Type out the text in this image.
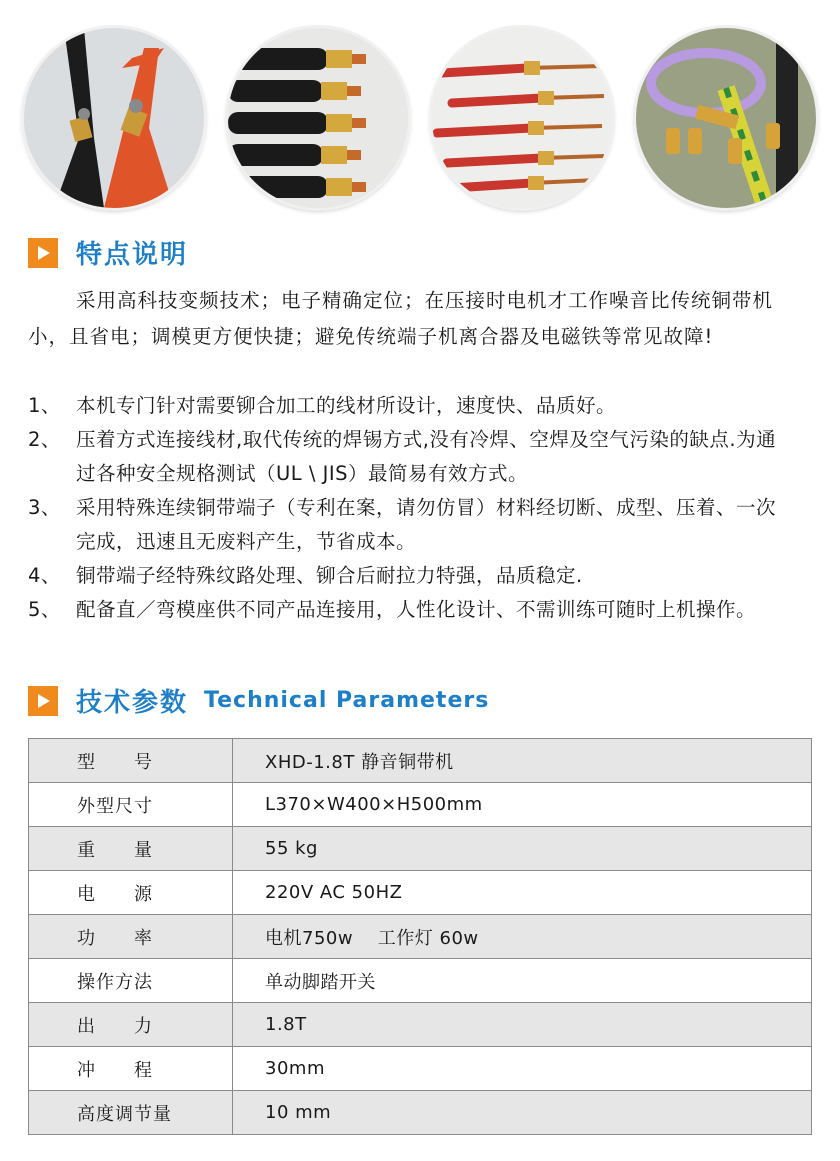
特点说明
采用高科技变频技术；电子精确定位；在压接时电机才工作噪音比传统铜带机小，且省电；调模更方便快捷；避免传统端子机离合器及电磁铁等常见故障!
1、 本机专门针对需要铆合加工的线材所设计，速度快、品质好。
2、 压着方式连接线材,取代传统的焊锡方式,没有冷焊、空焊及空气污染的缺点.为通过各种安全规格测试（UL \ JIS）最简易有效方式。
3、 采用特殊连续铜带端子（专利在案，请勿仿冒）材料经切断、成型、压着、一次完成，迅速且无废料产生，节省成本。
4、 铜带端子经特殊纹路处理、铆合后耐拉力特强，品质稳定.
5、 配备直／弯模座供不同产品连接用，人性化设计、不需训练可随时上机操作。
技术参数 Technical Parameters
型　　号	XHD-1.8T 静音铜带机
外型尺寸	L370×W400×H500mm
重　　量	55 kg
电　　源	220V AC 50HZ
功　　率	电机750w　 工作灯 60w
操作方法	单动脚踏开关
出　　力	1.8T
冲　　程	30mm
高度调节量	10 mm
